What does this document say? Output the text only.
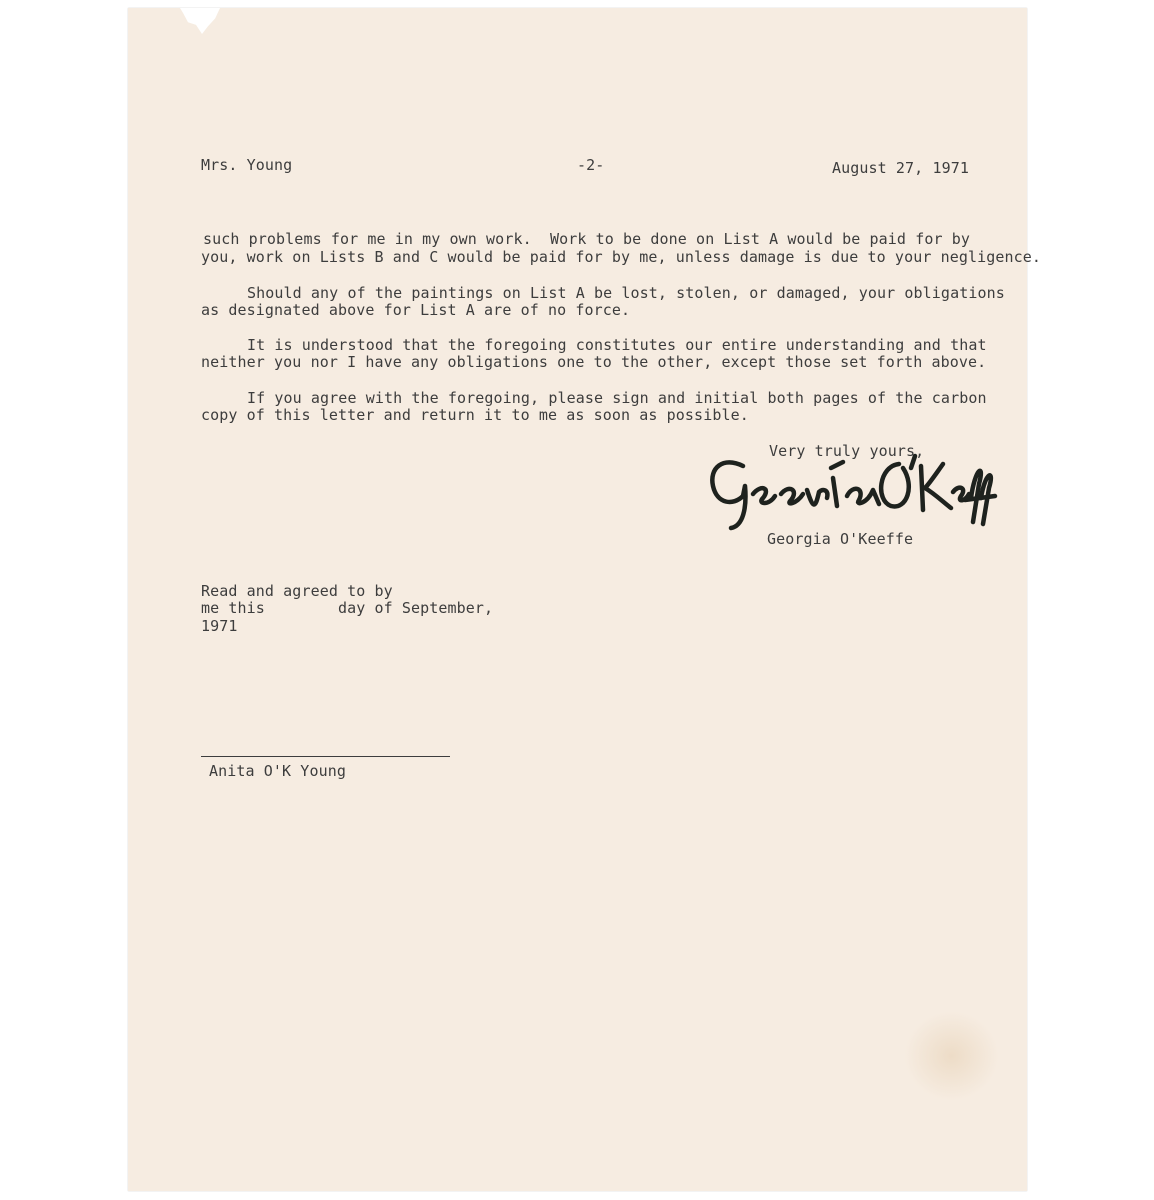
Mrs. Young	-2-	August 27, 1971
such problems for me in my own work.  Work to be done on List A would be paid for by
you, work on Lists B and C would be paid for by me, unless damage is due to your negligence.
Should any of the paintings on List A be lost, stolen, or damaged, your obligations
as designated above for List A are of no force.
It is understood that the foregoing constitutes our entire understanding and that
neither you nor I have any obligations one to the other, except those set forth above.
If you agree with the foregoing, please sign and initial both pages of the carbon
copy of this letter and return it to me as soon as possible.
Very truly yours,
Georgia O'Keeffe
Georgia O'Keeffe
Read and agreed to by
me this        day of September,
1971
Anita O'K Young
